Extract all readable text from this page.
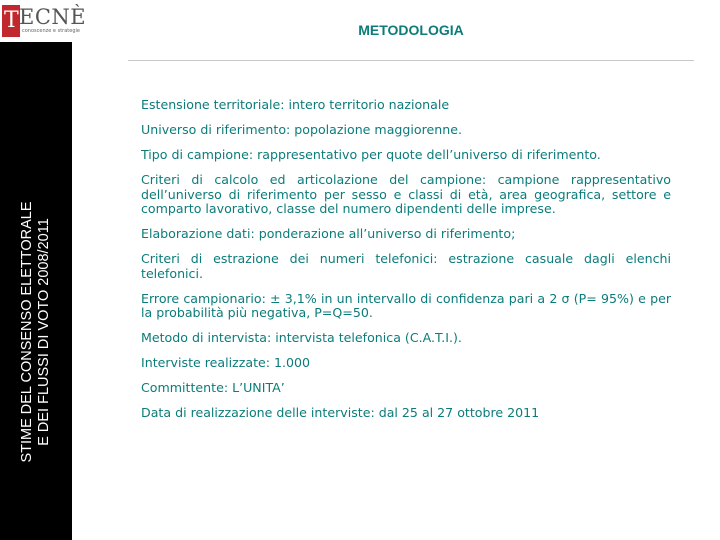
T
ECNÈ
conoscenze e strategie
STIME DEL CONSENSO ELETTORALE E DEI FLUSSI DI VOTO 2008/2011
METODOLOGIA

Estensione territoriale: intero territorio nazionale

Universo di riferimento: popolazione maggiorenne.

Tipo di campione: rappresentativo per quote dell’universo di riferimento.

Criteri di calcolo ed articolazione del campione: campione rappresentativo dell’universo di riferimento per sesso e classi di età, area geografica, settore e comparto lavorativo, classe del numero dipendenti delle imprese.

Elaborazione dati: ponderazione all’universo di riferimento;

Criteri di estrazione dei numeri telefonici: estrazione casuale dagli elenchi telefonici.

Errore campionario: ± 3,1% in un intervallo di confidenza pari a 2 σ (P= 95%) e per la probabilità più negativa, P=Q=50.

Metodo di intervista: intervista telefonica (C.A.T.I.).

Interviste realizzate: 1.000

Committente: L’UNITA’

Data di realizzazione delle interviste: dal 25 al 27 ottobre 2011
